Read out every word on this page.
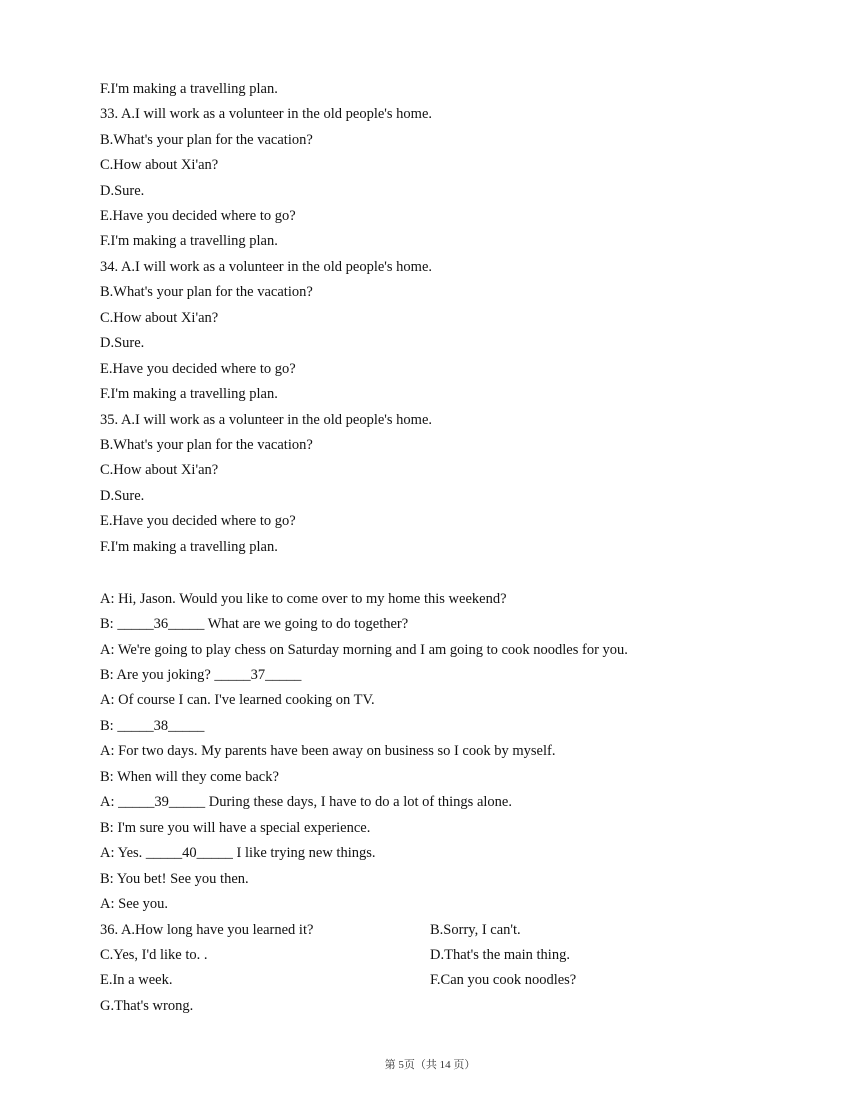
F.I'm making a travelling plan.
33. A.I will work as a volunteer in the old people's home.
B.What's your plan for the vacation?
C.How about Xi'an?
D.Sure.
E.Have you decided where to go?
F.I'm making a travelling plan.
34. A.I will work as a volunteer in the old people's home.
B.What's your plan for the vacation?
C.How about Xi'an?
D.Sure.
E.Have you decided where to go?
F.I'm making a travelling plan.
35. A.I will work as a volunteer in the old people's home.
B.What's your plan for the vacation?
C.How about Xi'an?
D.Sure.
E.Have you decided where to go?
F.I'm making a travelling plan.
A: Hi, Jason. Would you like to come over to my home this weekend?
B: _____36_____ What are we going to do together?
A: We're going to play chess on Saturday morning and I am going to cook noodles for you.
B: Are you joking? _____37_____
A: Of course I can. I've learned cooking on TV.
B: _____38_____
A: For two days. My parents have been away on business so I cook by myself.
B: When will they come back?
A: _____39_____ During these days, I have to do a lot of things alone.
B: I'm sure you will have a special experience.
A: Yes. _____40_____ I like trying new things.
B: You bet! See you then.
A: See you.
36. A.How long have you learned it?	B.Sorry, I can't.
C.Yes, I'd like to. .	D.That's the main thing.
E.In a week.	F.Can you cook noodles?
G.That's wrong.
第 5页（共 14 页）
